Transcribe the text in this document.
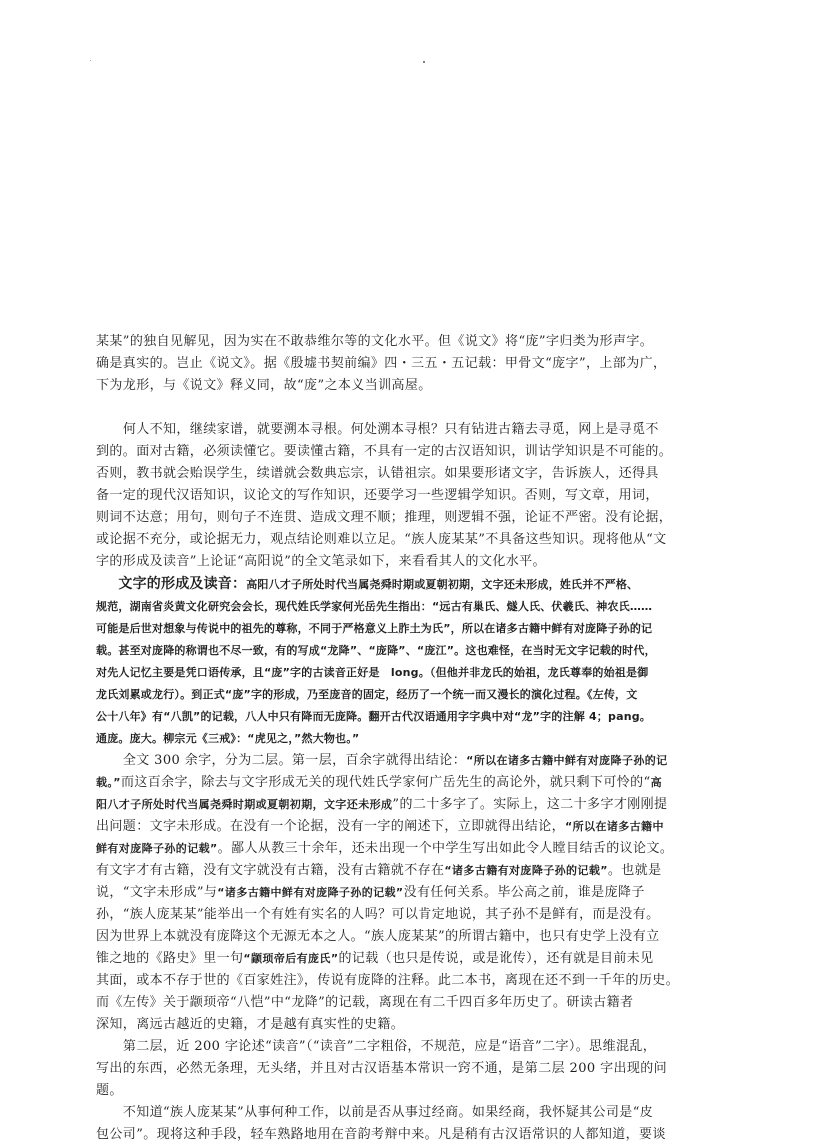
某某”的独自见解见，因为实在不敢恭维尔等的文化水平。但《说文》将“庞”字归类为形声字。

确是真实的。岂止《说文》。据《殷墟书契前编》四・三五・五记载：甲骨文“庞字”，上部为广，

下为龙形，与《说文》释义同，故“庞”之本义当训高屋。

　　何人不知，继续家谱，就要溯本寻根。何处溯本寻根？只有钻进古籍去寻觅，网上是寻觅不

到的。面对古籍，必须读懂它。要读懂古籍，不具有一定的古汉语知识，训诂学知识是不可能的。

否则，教书就会贻误学生，续谱就会数典忘宗，认错祖宗。如果要形诸文字，告诉族人，还得具

备一定的现代汉语知识，议论文的写作知识，还要学习一些逻辑学知识。否则，写文章，用词，

则词不达意；用句，则句子不连贯、造成文理不顺；推理，则逻辑不强，论证不严密。没有论据，

或论据不充分，或论据无力，观点结论则难以立足。“族人庞某某”不具备这些知识。现将他从“文

字的形成及读音”上论证“高阳说”的全文笔录如下，来看看其人的文化水平。

　　文字的形成及读音：高阳八才子所处时代当属尧舜时期或夏朝初期，文字还未形成，姓氏并不严格、

规范，湖南省炎黄文化研究会会长，现代姓氏学家何光岳先生指出：“远古有巢氏、燧人氏、伏羲氏、神农氏……

可能是后世对想象与传说中的祖先的尊称，不同于严格意义上胙土为氏”，所以在诸多古籍中鲜有对庞降子孙的记

载。甚至对庞降的称谓也不尽一致，有的写成“龙降”、“庞降”、“庞江”。这也难怪，在当时无文字记载的时代，

对先人记忆主要是凭口语传承，且“庞”字的古读音正好是　long。（但他并非龙氏的始祖，龙氏尊奉的始祖是御

龙氏刘累或龙行）。到正式“庞”字的形成，乃至庞音的固定，经历了一个统一而又漫长的演化过程。《左传，文

公十八年》有“八凯”的记载，八人中只有降而无庞降。翻开古代汉语通用字字典中对“龙”字的注解 4；pang。

通庞。庞大。柳宗元《三戒》：“虎见之，”然大物也。”

　　全文 300 余字，分为二层。第一层，百余字就得出结论：“所以在诸多古籍中鲜有对庞降子孙的记

载。”而这百余字，除去与文字形成无关的现代姓氏学家何广岳先生的高论外，就只剩下可怜的“高

阳八才子所处时代当属尧舜时期或夏朝初期，文字还未形成”的二十多字了。实际上，这二十多字才刚刚提

出问题：文字未形成。在没有一个论据，没有一字的阐述下，立即就得出结论，“所以在诸多古籍中

鲜有对庞降子孙的记载”。鄙人从教三十余年，还未出现一个中学生写出如此令人瞠目结舌的议论文。

有文字才有古籍，没有文字就没有古籍，没有古籍就不存在“诸多古籍有对庞降子孙的记载”。也就是

说，“文字未形成”与“诸多古籍中鲜有对庞降子孙的记载”没有任何关系。毕公高之前，谁是庞降子

孙，“族人庞某某”能举出一个有姓有实名的人吗？可以肯定地说，其子孙不是鲜有，而是没有。

因为世界上本就没有庞降这个无源无本之人。“族人庞某某”的所谓古籍中，也只有史学上没有立

锥之地的《路史》里一句“颛顼帝后有庞氏”的记载（也只是传说，或是讹传），还有就是目前未见

其面，或本不存于世的《百家姓注》，传说有庞降的注释。此二本书，离现在还不到一千年的历史。

而《左传》关于颛顼帝“八恺”中“龙降”的记载，离现在有二千四百多年历史了。研读古籍者

深知，离远古越近的史籍，才是越有真实性的史籍。

　　第二层，近 200 字论述“读音”（“读音”二字粗俗，不规范，应是“语音”二字）。思维混乱，

写出的东西，必然无条理，无头绪，并且对古汉语基本常识一窍不通，是第二层 200 字出现的问

题。

　　不知道“族人庞某某”从事何种工作，以前是否从事过经商。如果经商，我怀疑其公司是“皮

包公司”。现将这种手段，轻车熟路地用在音韵考辩中来。凡是稍有古汉语常识的人都知道，要谈
